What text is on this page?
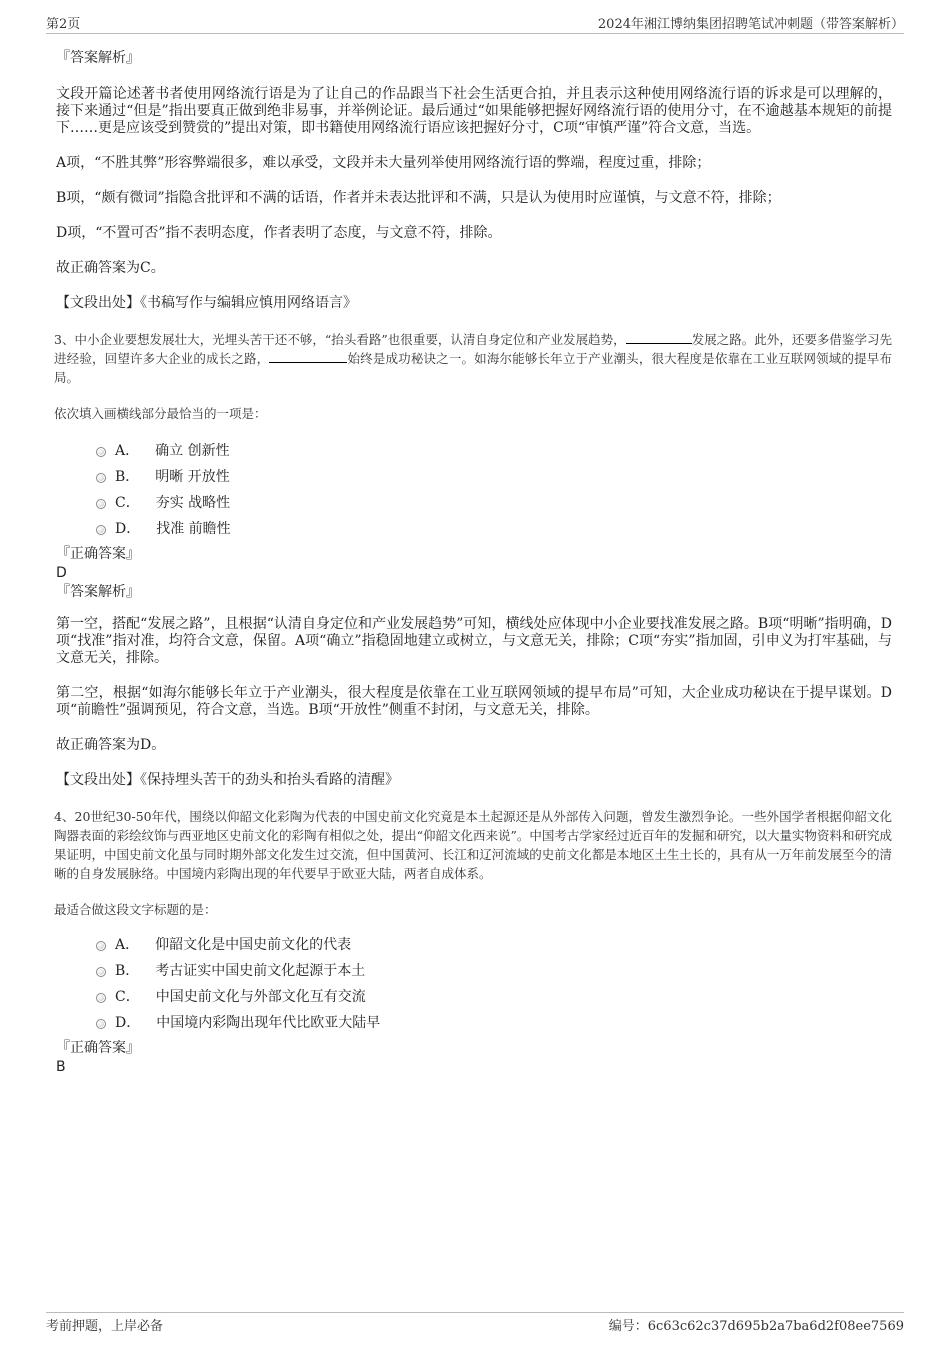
第2页	2024年湘江博纳集团招聘笔试冲刺题（带答案解析）

『答案解析』

文段开篇论述著书者使用网络流行语是为了让自己的作品跟当下社会生活更合拍，并且表示这种使用网络流行语的诉求是可以理解的，接下来通过“但是”指出要真正做到绝非易事，并举例论证。最后通过“如果能够把握好网络流行语的使用分寸，在不逾越基本规矩的前提下……更是应该受到赞赏的”提出对策，即书籍使用网络流行语应该把握好分寸，C项“审慎严谨”符合文意，当选。

A项，“不胜其弊”形容弊端很多，难以承受，文段并未大量列举使用网络流行语的弊端，程度过重，排除；

B项，“颇有微词”指隐含批评和不满的话语，作者并未表达批评和不满，只是认为使用时应谨慎，与文意不符，排除；

D项，“不置可否”指不表明态度，作者表明了态度，与文意不符，排除。

故正确答案为C。

【文段出处】《书稿写作与编辑应慎用网络语言》

3、中小企业要想发展壮大，光埋头苦干还不够，“抬头看路”也很重要，认清自身定位和产业发展趋势，	发展之路。此外，还要多借鉴学习先进经验，回望许多大企业的成长之路，	始终是成功秘诀之一。如海尔能够长年立于产业潮头，很大程度是依靠在工业互联网领域的提早布局。

依次填入画横线部分最恰当的一项是：

A． 确立 创新性
B． 明晰 开放性
C． 夯实 战略性
D． 找准 前瞻性

『正确答案』

D

『答案解析』

第一空，搭配“发展之路”，且根据“认清自身定位和产业发展趋势”可知，横线处应体现中小企业要找准发展之路。B项“明晰”指明确，D项“找准”指对准，均符合文意，保留。A项“确立”指稳固地建立或树立，与文意无关，排除；C项“夯实”指加固，引申义为打牢基础，与文意无关，排除。

第二空，根据“如海尔能够长年立于产业潮头，很大程度是依靠在工业互联网领域的提早布局”可知，大企业成功秘诀在于提早谋划。D项“前瞻性”强调预见，符合文意，当选。B项“开放性”侧重不封闭，与文意无关，排除。

故正确答案为D。

【文段出处】《保持埋头苦干的劲头和抬头看路的清醒》

4、20世纪30-50年代，围绕以仰韶文化彩陶为代表的中国史前文化究竟是本土起源还是从外部传入问题，曾发生激烈争论。一些外国学者根据仰韶文化陶器表面的彩绘纹饰与西亚地区史前文化的彩陶有相似之处，提出“仰韶文化西来说”。中国考古学家经过近百年的发掘和研究，以大量实物资料和研究成果证明，中国史前文化虽与同时期外部文化发生过交流，但中国黄河、长江和辽河流域的史前文化都是本地区土生土长的，具有从一万年前发展至今的清晰的自身发展脉络。中国境内彩陶出现的年代要早于欧亚大陆，两者自成体系。

最适合做这段文字标题的是：

A． 仰韶文化是中国史前文化的代表
B． 考古证实中国史前文化起源于本土
C． 中国史前文化与外部文化互有交流
D． 中国境内彩陶出现年代比欧亚大陆早

『正确答案』

B

考前押题，上岸必备	编号：6c63c62c37d695b2a7ba6d2f08ee7569
